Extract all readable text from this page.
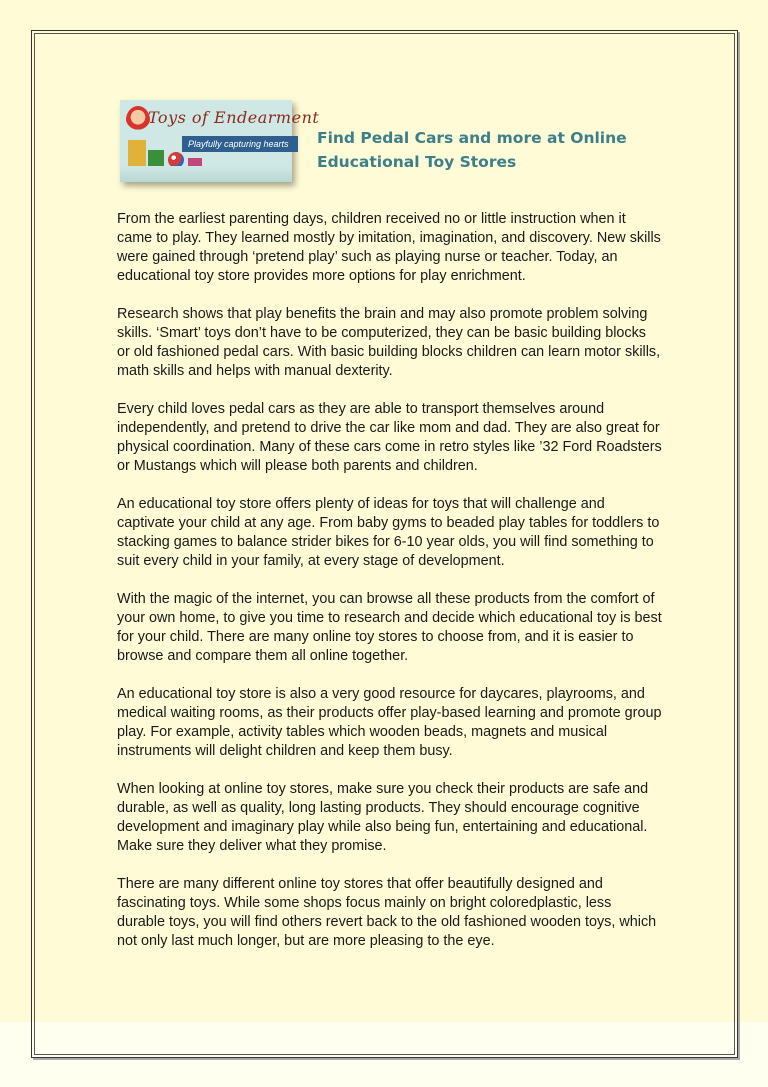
Toys of Endearment
Playfully capturing hearts	Find Pedal Cars and more at Online
Educational Toy Stores

From the earliest parenting days, children received no or little instruction when it came to play. They learned mostly by imitation, imagination, and discovery. New skills were gained through ‘pretend play’ such as playing nurse or teacher. Today, an educational toy store provides more options for play enrichment.

Research shows that play benefits the brain and may also promote problem solving skills. ‘Smart’ toys don’t have to be computerized, they can be basic building blocks or old fashioned pedal cars. With basic building blocks children can learn motor skills, math skills and helps with manual dexterity.

Every child loves pedal cars as they are able to transport themselves around independently, and pretend to drive the car like mom and dad. They are also great for physical coordination. Many of these cars come in retro styles like ’32 Ford Roadsters or Mustangs which will please both parents and children.

An educational toy store offers plenty of ideas for toys that will challenge and captivate your child at any age. From baby gyms to beaded play tables for toddlers to stacking games to balance strider bikes for 6-10 year olds, you will find something to suit every child in your family, at every stage of development.

With the magic of the internet, you can browse all these products from the comfort of your own home, to give you time to research and decide which educational toy is best for your child. There are many online toy stores to choose from, and it is easier to browse and compare them all online together.

An educational toy store is also a very good resource for daycares, playrooms, and medical waiting rooms, as their products offer play-based learning and promote group play. For example, activity tables which wooden beads, magnets and musical instruments will delight children and keep them busy.

When looking at online toy stores, make sure you check their products are safe and durable, as well as quality, long lasting products. They should encourage cognitive development and imaginary play while also being fun, entertaining and educational. Make sure they deliver what they promise.

There are many different online toy stores that offer beautifully designed and fascinating toys. While some shops focus mainly on bright coloredplastic, less durable toys, you will find others revert back to the old fashioned wooden toys, which not only last much longer, but are more pleasing to the eye.
